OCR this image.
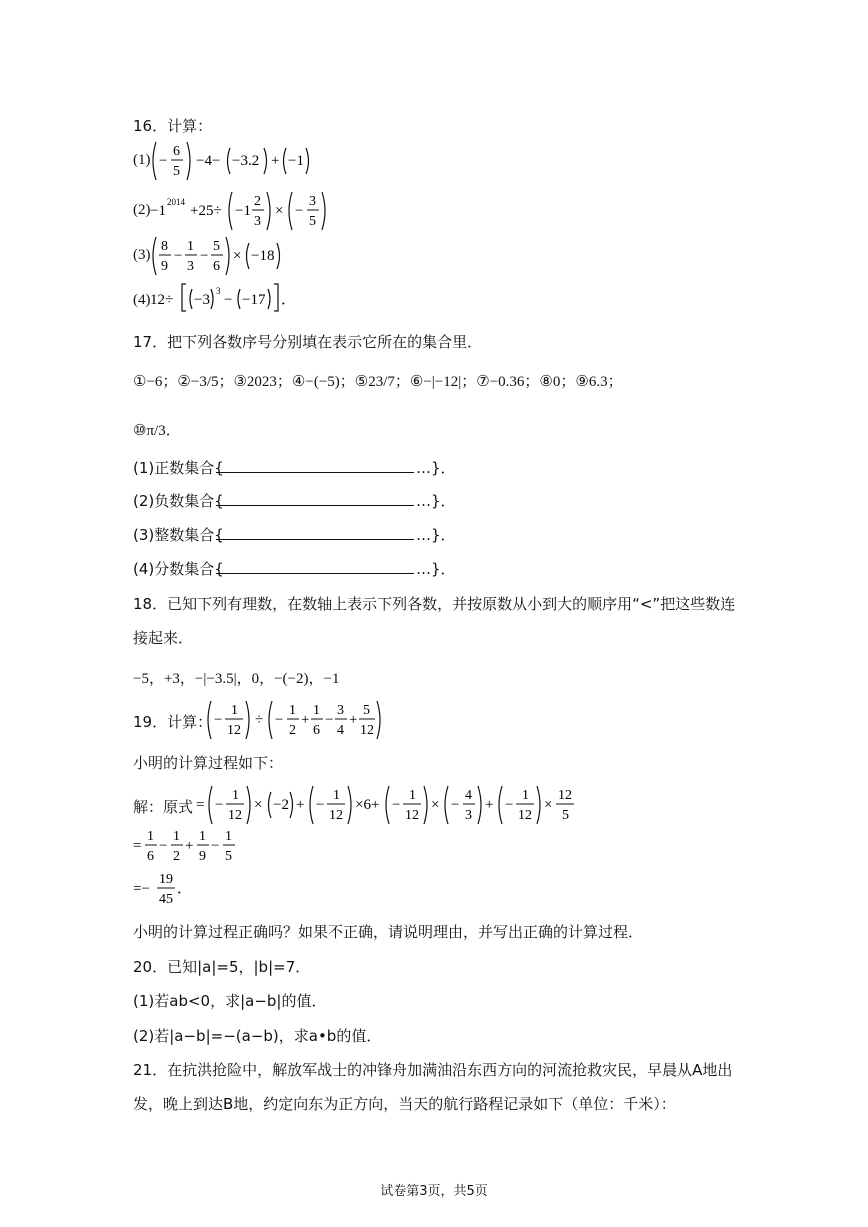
16．计算：
(1) −
6
5
−4− −3.2 + −1
(2) −1
2014
+25÷ −1
2
3
× −
3
5
(3)
8
9
−
1
3
−
5
6
× −18
(4) 12÷ −3
3
− −17 ．
17．把下列各数序号分别填在表示它所在的集合里．
①−6；②−3/5；③2023；④−(−5)；⑤23/7；⑥−|−12|；⑦−0.36；⑧0；⑨6.3；
⑩π/3．
(1)正数集合{	…}．
(2)负数集合{	…}．
(3)整数集合{	…}．
(4)分数集合{	…}．
18．已知下列有理数，在数轴上表示下列各数，并按原数从小到大的顺序用“<”把这些数连
接起来．
−5，+3，−|−3.5|，0，−(−2)，−1
19．计算： −
1
12
÷ −
1
2
+
1
6
−
3
4
+
5
12
小明的计算过程如下：
解：原式 = −
1
12
× −2 + −
1
12
×6+ −
1
12
× −
4
3
+ −
1
12
×
12
5
=
1
6
−
1
2
+
1
9
−
1
5
=−
19
45
．
小明的计算过程正确吗？如果不正确，请说明理由，并写出正确的计算过程．
20．已知|a|=5，|b|=7．
(1)若ab<0，求|a−b|的值．
(2)若|a−b|=−(a−b)，求a•b的值．
21．在抗洪抢险中，解放军战士的冲锋舟加满油沿东西方向的河流抢救灾民，早晨从A地出
发，晚上到达B地，约定向东为正方向，当天的航行路程记录如下（单位：千米）：
试卷第3页，共5页
